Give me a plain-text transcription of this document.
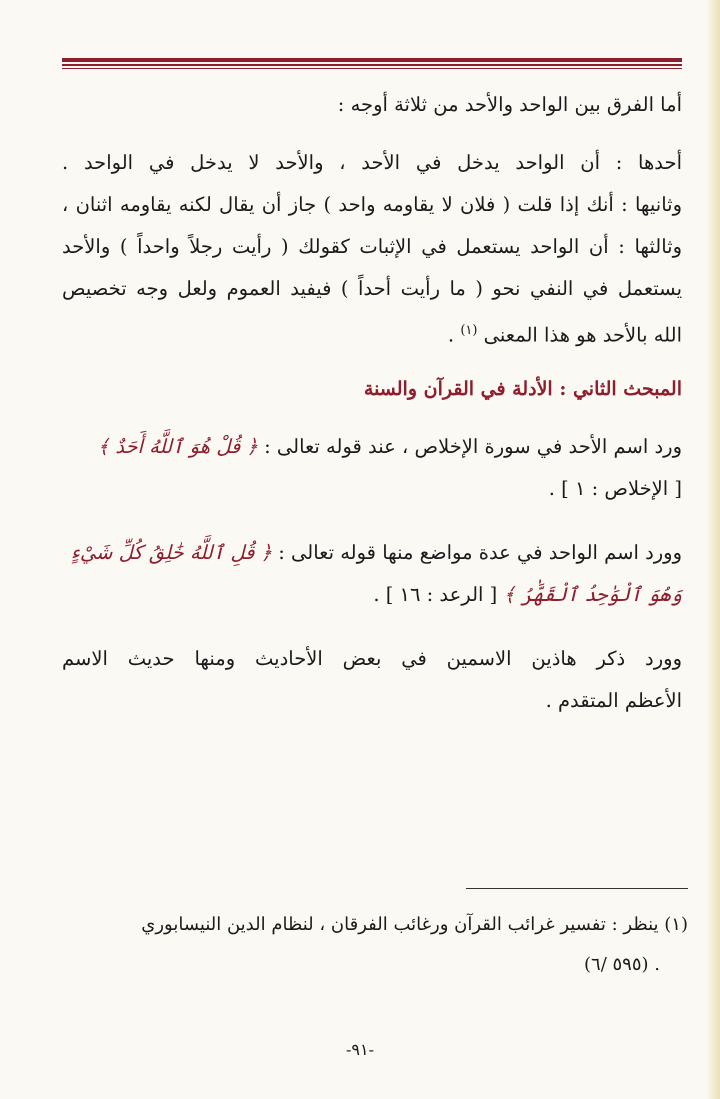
أما الفرق بين الواحد والأحد من ثلاثة أوجه :

أحدها : أن الواحد يدخل في الأحد ، والأحد لا يدخل في الواحد .

وثانيها : أنك إذا قلت ( فلان لا يقاومه واحد ) جاز أن يقال لكنه يقاومه اثنان ،

وثالثها : أن الواحد يستعمل في الإثبات كقولك ( رأيت رجلاً واحداً ) والأحد

يستعمل في النفي نحو ( ما رأيت أحداً ) فيفيد العموم ولعل وجه تخصيص

الله بالأحد هو هذا المعنى $^{(١)}$ .

المبحث الثاني : الأدلة في القرآن والسنة

ورد اسم الأحد في سورة الإخلاص ، عند قوله تعالى : ﴿ قُلْ هُوَ ٱللَّهُ أَحَدٌ ﴾

[ الإخلاص : ١ ] .

وورد اسم الواحد في عدة مواضع منها قوله تعالى : ﴿ قُلِ ٱللَّهُ خَٰلِقُ كُلِّ شَيْءٍ

وَهُوَ ٱلْوَٰحِدُ ٱلْقَهَّٰرُ ﴾ [ الرعد : ١٦ ] .

وورد ذكر هاذين الاسمين في بعض الأحاديث ومنها حديث الاسم

الأعظم المتقدم .

(١) ينظر : تفسير غرائب القرآن ورغائب الفرقان ، لنظام الدين النيسابوري

. (٥٩٥ /٦)

-٩١-
